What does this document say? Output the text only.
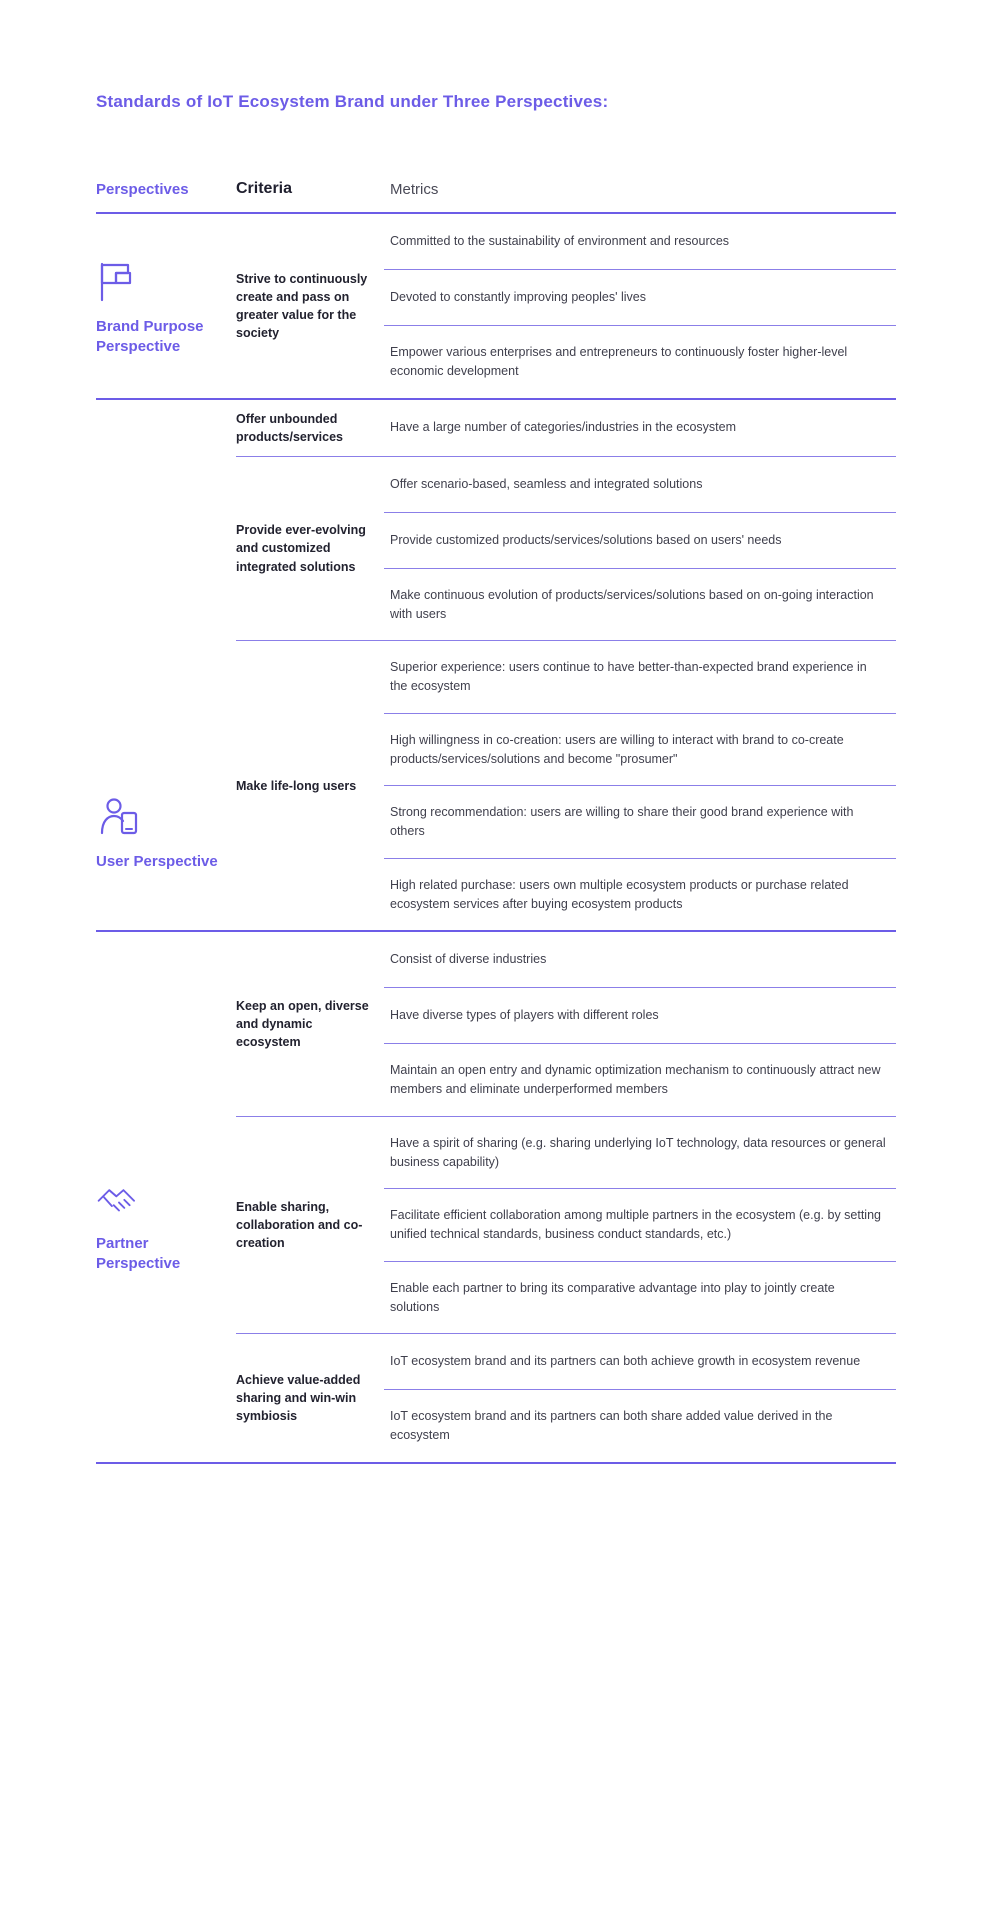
Standards of IoT Ecosystem Brand under Three Perspectives:
Perspectives	Criteria	Metrics
Brand Purpose Perspective
Strive to continuously create and pass on greater value for the society
Committed to the sustainability of environment and resources
Devoted to constantly improving peoples' lives
Empower various enterprises and entrepreneurs to continuously foster higher-level economic development
User Perspective
Offer unbounded products/services
Have a large number of categories/industries in the ecosystem
Provide ever-evolving and customized integrated solutions
Offer scenario-based, seamless and integrated solutions
Provide customized products/services/solutions based on users' needs
Make continuous evolution of products/services/solutions based on on-going interaction with users
Make life-long users
Superior experience: users continue to have better-than-expected brand experience in the ecosystem
High willingness in co-creation: users are willing to interact with brand to co-create products/services/solutions and become "prosumer"
Strong recommendation: users are willing to share their good brand experience with others
High related purchase: users own multiple ecosystem products or purchase related ecosystem services after buying ecosystem products
Partner Perspective
Keep an open, diverse and dynamic ecosystem
Consist of diverse industries
Have diverse types of players with different roles
Maintain an open entry and dynamic optimization mechanism to continuously attract new members and eliminate underperformed members
Enable sharing, collaboration and co-creation
Have a spirit of sharing (e.g. sharing underlying IoT technology, data resources or general business capability)
Facilitate efficient collaboration among multiple partners in the ecosystem (e.g. by setting unified technical standards, business conduct standards, etc.)
Enable each partner to bring its comparative advantage into play to jointly create solutions
Achieve value-added sharing and win-win symbiosis
IoT ecosystem brand and its partners can both achieve growth in ecosystem revenue
IoT ecosystem brand and its partners can both share added value derived in the ecosystem
